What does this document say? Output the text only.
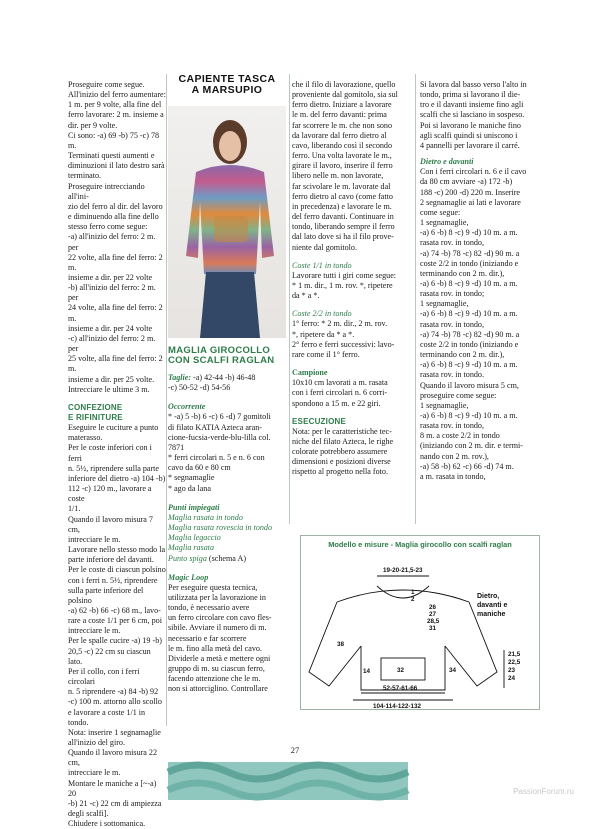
Proseguire come segue.
All'inizio del ferro aumentare:
1 m. per 9 volte, alla fine del
ferro lavorare: 2 m. insieme a
dir. per 9 volte.
Ci sono: -a) 69 -b) 75 -c) 78 m.
Terminati questi aumenti e
diminuzioni il lato destro sarà
terminato.
Proseguire intrecciando all'ini-
zio del ferro al dir. del lavoro
e diminuendo alla fine dello
stesso ferro come segue:
-a) all'inizio del ferro: 2 m. per
22 volte, alla fine del ferro: 2 m.
insieme a dir. per 22 volte
-b) all'inizio del ferro: 2 m. per
24 volte, alla fine del ferro: 2 m.
insieme a dir. per 24 volte
-c) all'inizio del ferro: 2 m. per
25 volte, alla fine del ferro: 2 m.
insieme a dir. per 25 volte.
Intrecciare le ultime 3 m.
CONFEZIONE
E RIFINITURE
Eseguire le cuciture a punto
materasso.
Per le coste inferiori con i ferri
n. 5½, riprendere sulla parte
inferiore del dietro -a) 104 -b)
112 -c) 120 m., lavorare a coste
1/1.
Quando il lavoro misura 7 cm,
intrecciare le m.
Lavorare nello stesso modo la
parte inferiore del davanti.
Per le coste di ciascun polsino
con i ferri n. 5½, riprendere
sulla parte inferiore del polsino
-a) 62 -b) 66 -c) 68 m., lavo-
rare a coste 1/1 per 6 cm, poi
intrecciare le m.
Per le spalle cucire -a) 19 -b)
20,5 -c) 22 cm su ciascun lato.
Per il collo, con i ferri circolari
n. 5 riprendere -a) 84 -b) 92
-c) 100 m. attorno allo scollo
e lavorare a coste 1/1 in tondo.
Nota: inserire 1 segnamaglie
all'inizio del giro.
Quando il lavoro misura 22 cm,
intrecciare le m.
Montare le maniche a [~-a) 20
-b) 21 -c) 22 cm di ampiezza
degli scalfi].
Chiudere i sottomanica.
CAPIENTE TASCA
A MARSUPIO
MAGLIA GIROCOLLO
CON SCALFI RAGLAN
Taglie: -a) 42-44 -b) 46-48
-c) 50-52 -d) 54-56
Occorrente
* -a) 5 -b) 6 -c) 6 -d) 7 gomitoli
di filato KATIA Azteca aran-
cione-fucsia-verde-blu-lilla col.
7871
* ferri circolari n. 5 e n. 6 con
cavo da 60 e 80 cm
* segnamaglie
* ago da lana
Punti impiegati
Maglia rasata in tondo
Maglia rasata rovescia in tondo
Maglia legaccio
Maglia rasata
Punto spiga (schema A)
Magic Loop
Per eseguire questa tecnica,
utilizzata per la lavorazione in
tondo, è necessario avere
un ferro circolare con cavo fles-
sibile. Avviare il numero di m.
necessario e far scorrere
le m. fino alla metà del cavo.
Dividerle a metà e mettere ogni
gruppo di m. su ciascun ferro,
facendo attenzione che le m.
non si attorciglino. Controllare
che il filo di lavorazione, quello
proveniente dal gomitolo, sia sul
ferro dietro. Iniziare a lavorare
le m. del ferro davanti: prima
far scorrere le m. che non sono
da lavorare dal ferro dietro al
cavo, liberando così il secondo
ferro. Una volta lavorate le m.,
girare il lavoro, inserire il ferro
libero nelle m. non lavorate,
far scivolare le m. lavorate dal
ferro dietro al cavo (come fatto
in precedenza) e lavorare le m.
del ferro davanti. Continuare in
tondo, liberando sempre il ferro
dal lato dove si ha il filo prove-
niente dal gomitolo.
Coste 1/1 in tondo
Lavorare tutti i giri come segue:
* 1 m. dir., 1 m. rov. *, ripetere
da * a *.
Coste 2/2 in tondo
1° ferro: * 2 m. dir., 2 m. rov.
*, ripetere da * a *.
2° ferro e ferri successivi: lavo-
rare come il 1° ferro.
Campione
10x10 cm lavorati a m. rasata
con i ferri circolari n. 6 corri-
spondono a 15 m. e 22 giri.
ESECUZIONE
Nota: per le caratteristiche tec-
niche del filato Azteca, le righe
colorate potrebbero assumere
dimensioni e posizioni diverse
rispetto al progetto nella foto.
Si lavora dal basso verso l'alto in
tondo, prima si lavorano il die-
tro e il davanti insieme fino agli
scalfi che si lasciano in sospeso.
Poi si lavorano le maniche fino
agli scalfi quindi si uniscono i
4 pannelli per lavorare il carré.
Dietro e davanti
Con i ferri circolari n. 6 e il cavo
da 80 cm avviare -a) 172 -b)
188 -c) 200 -d) 220 m. Inserire
2 segnamaglie ai lati e lavorare
come segue:
1 segnamaglie,
-a) 6 -b) 8 -c) 9 -d) 10 m. a m.
rasata rov. in tondo,
-a) 74 -b) 78 -c) 82 -d) 90 m. a
coste 2/2 in tondo (iniziando e
terminando con 2 m. dir.),
-a) 6 -b) 8 -c) 9 -d) 10 m. a m.
rasata rov. in tondo;
1 segnamaglie,
-a) 6 -b) 8 -c) 9 -d) 10 m. a m.
rasata rov. in tondo,
-a) 74 -b) 78 -c) 82 -d) 90 m. a
coste 2/2 in tondo (iniziando e
terminando con 2 m. dir.),
-a) 6 -b) 8 -c) 9 -d) 10 m. a m.
rasata rov. in tondo.
Quando il lavoro misura 5 cm,
proseguire come segue:
1 segnamaglie,
-a) 6 -b) 8 -c) 9 -d) 10 m. a m.
rasata rov. in tondo,
8 m. a coste 2/2 in tondo
(iniziando con 2 m. dir. e termi-
nando con 2 m. rov.),
-a) 58 -b) 62 -c) 66 -d) 74 m.
a m. rasata in tondo,
Modello e misure - Maglia girocollo con scalfi raglan
19-20-21,5-23
1
2
26
27
28,5
31
38
14	32	34
52-57-61-66
104-114-122-132
21,5
22,5
23
24
Dietro,
davanti e
maniche
27
PassionForum.ru
